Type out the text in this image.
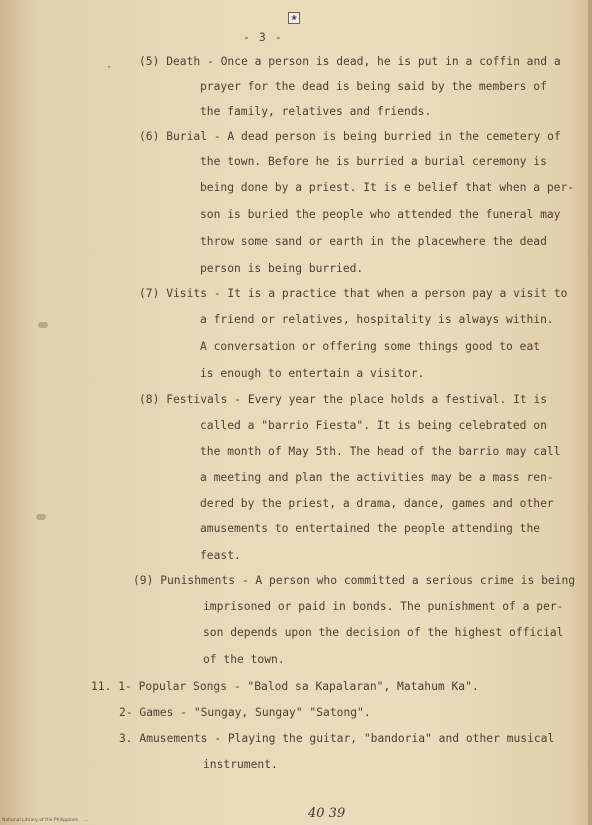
❀
- 3 -
· (5) Death - Once a person is dead, he is put in a coffin and a
prayer for the dead is being said by the members of
the family, relatives and friends.
(6) Burial - A dead person is being burried in the cemetery of
the town. Before he is burried a burial ceremony is
being done by a priest. It is e belief that when a per-
son is buried the people who attended the funeral may
throw some sand or earth in the placewhere the dead
person is being burried.
(7) Visits - It is a practice that when a person pay a visit to
a friend or relatives, hospitality is always within.
A conversation or offering some things good to eat
is enough to entertain a visitor.
(8) Festivals - Every year the place holds a festival. It is
called a "barrio Fiesta". It is being celebrated on
the month of May 5th. The head of the barrio may call
a meeting and plan the activities may be a mass ren-
dered by the priest, a drama, dance, games and other
amusements to entertained the people attending the
feast.
(9) Punishments - A person who committed a serious crime is being
imprisoned or paid in bonds. The punishment of a per-
son depends upon the decision of the highest official
of the town.
11. 1- Popular Songs - "Balod sa Kapalaran", Matahum Ka".
2- Games - "Sungay, Sungay" "Satong".
3. Amusements - Playing the guitar, "bandoria" and other musical
instrument.
40 39
National Library of the Philippines    ...
